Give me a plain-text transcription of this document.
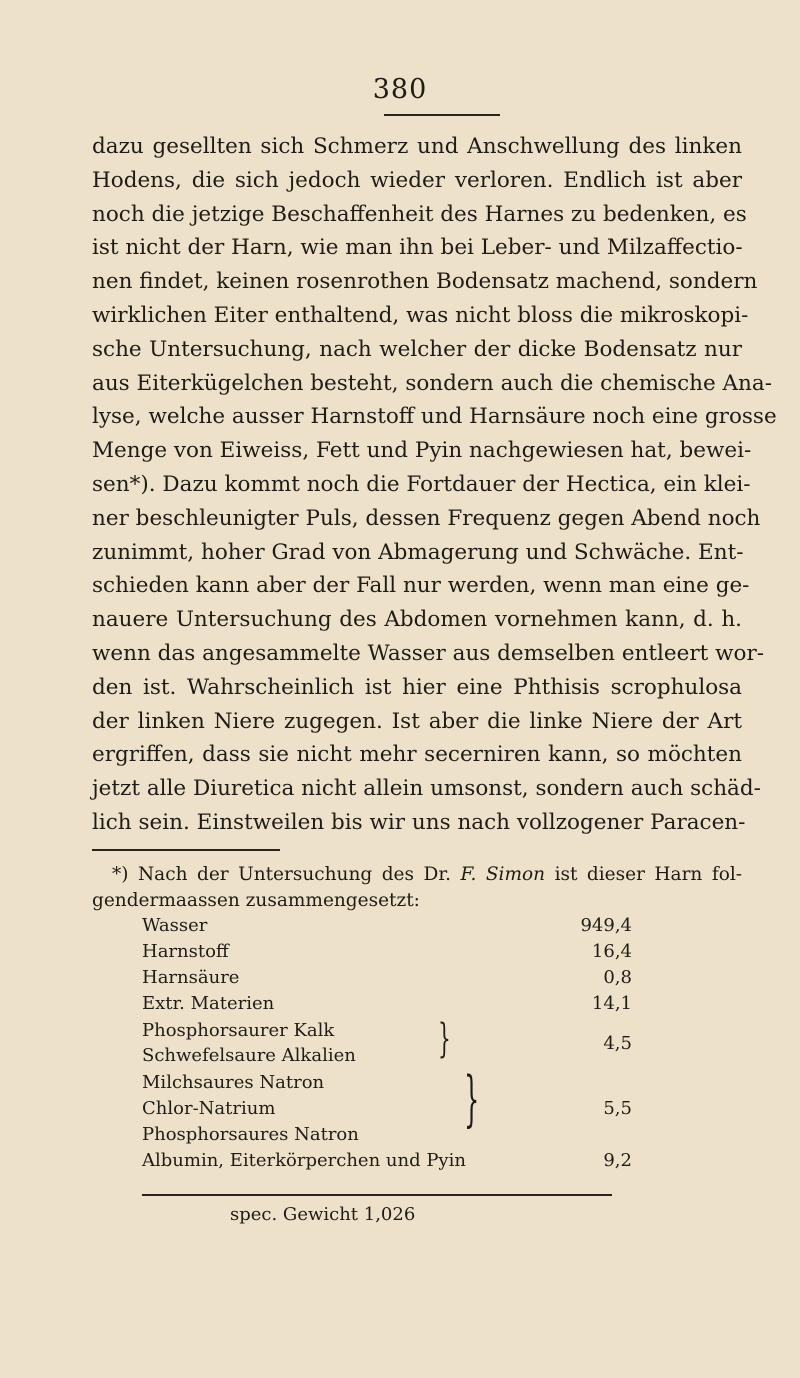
380
dazu gesellten sich Schmerz und Anschwellung des linken
Hodens, die sich jedoch wieder verloren. Endlich ist aber
noch die jetzige Beschaffenheit des Harnes zu bedenken, es
ist nicht der Harn, wie man ihn bei Leber- und Milzaffectio-
nen findet, keinen rosenrothen Bodensatz machend, sondern
wirklichen Eiter enthaltend, was nicht bloss die mikroskopi-
sche Untersuchung, nach welcher der dicke Bodensatz nur
aus Eiterkügelchen besteht, sondern auch die chemische Ana-
lyse, welche ausser Harnstoff und Harnsäure noch eine grosse
Menge von Eiweiss, Fett und Pyin nachgewiesen hat, bewei-
sen*). Dazu kommt noch die Fortdauer der Hectica, ein klei-
ner beschleunigter Puls, dessen Frequenz gegen Abend noch
zunimmt, hoher Grad von Abmagerung und Schwäche. Ent-
schieden kann aber der Fall nur werden, wenn man eine ge-
nauere Untersuchung des Abdomen vornehmen kann, d. h.
wenn das angesammelte Wasser aus demselben entleert wor-
den ist. Wahrscheinlich ist hier eine Phthisis scrophulosa
der linken Niere zugegen. Ist aber die linke Niere der Art
ergriffen, dass sie nicht mehr secerniren kann, so möchten
jetzt alle Diuretica nicht allein umsonst, sondern auch schäd-
lich sein. Einstweilen bis wir uns nach vollzogener Paracen-
*) Nach der Untersuchung des Dr. F. Simon ist dieser Harn fol-
gendermaassen zusammengesetzt:
Wasser	949,4
Harnstoff	16,4
Harnsäure	0,8
Extr. Materien	14,1
Phosphorsaurer Kalk
Schwefelsaure Alkalien }	4,5
Milchsaures Natron
Chlor-Natrium
Phosphorsaures Natron
}	5,5
Albumin, Eiterkörperchen und Pyin	9,2
spec. Gewicht 1,026
